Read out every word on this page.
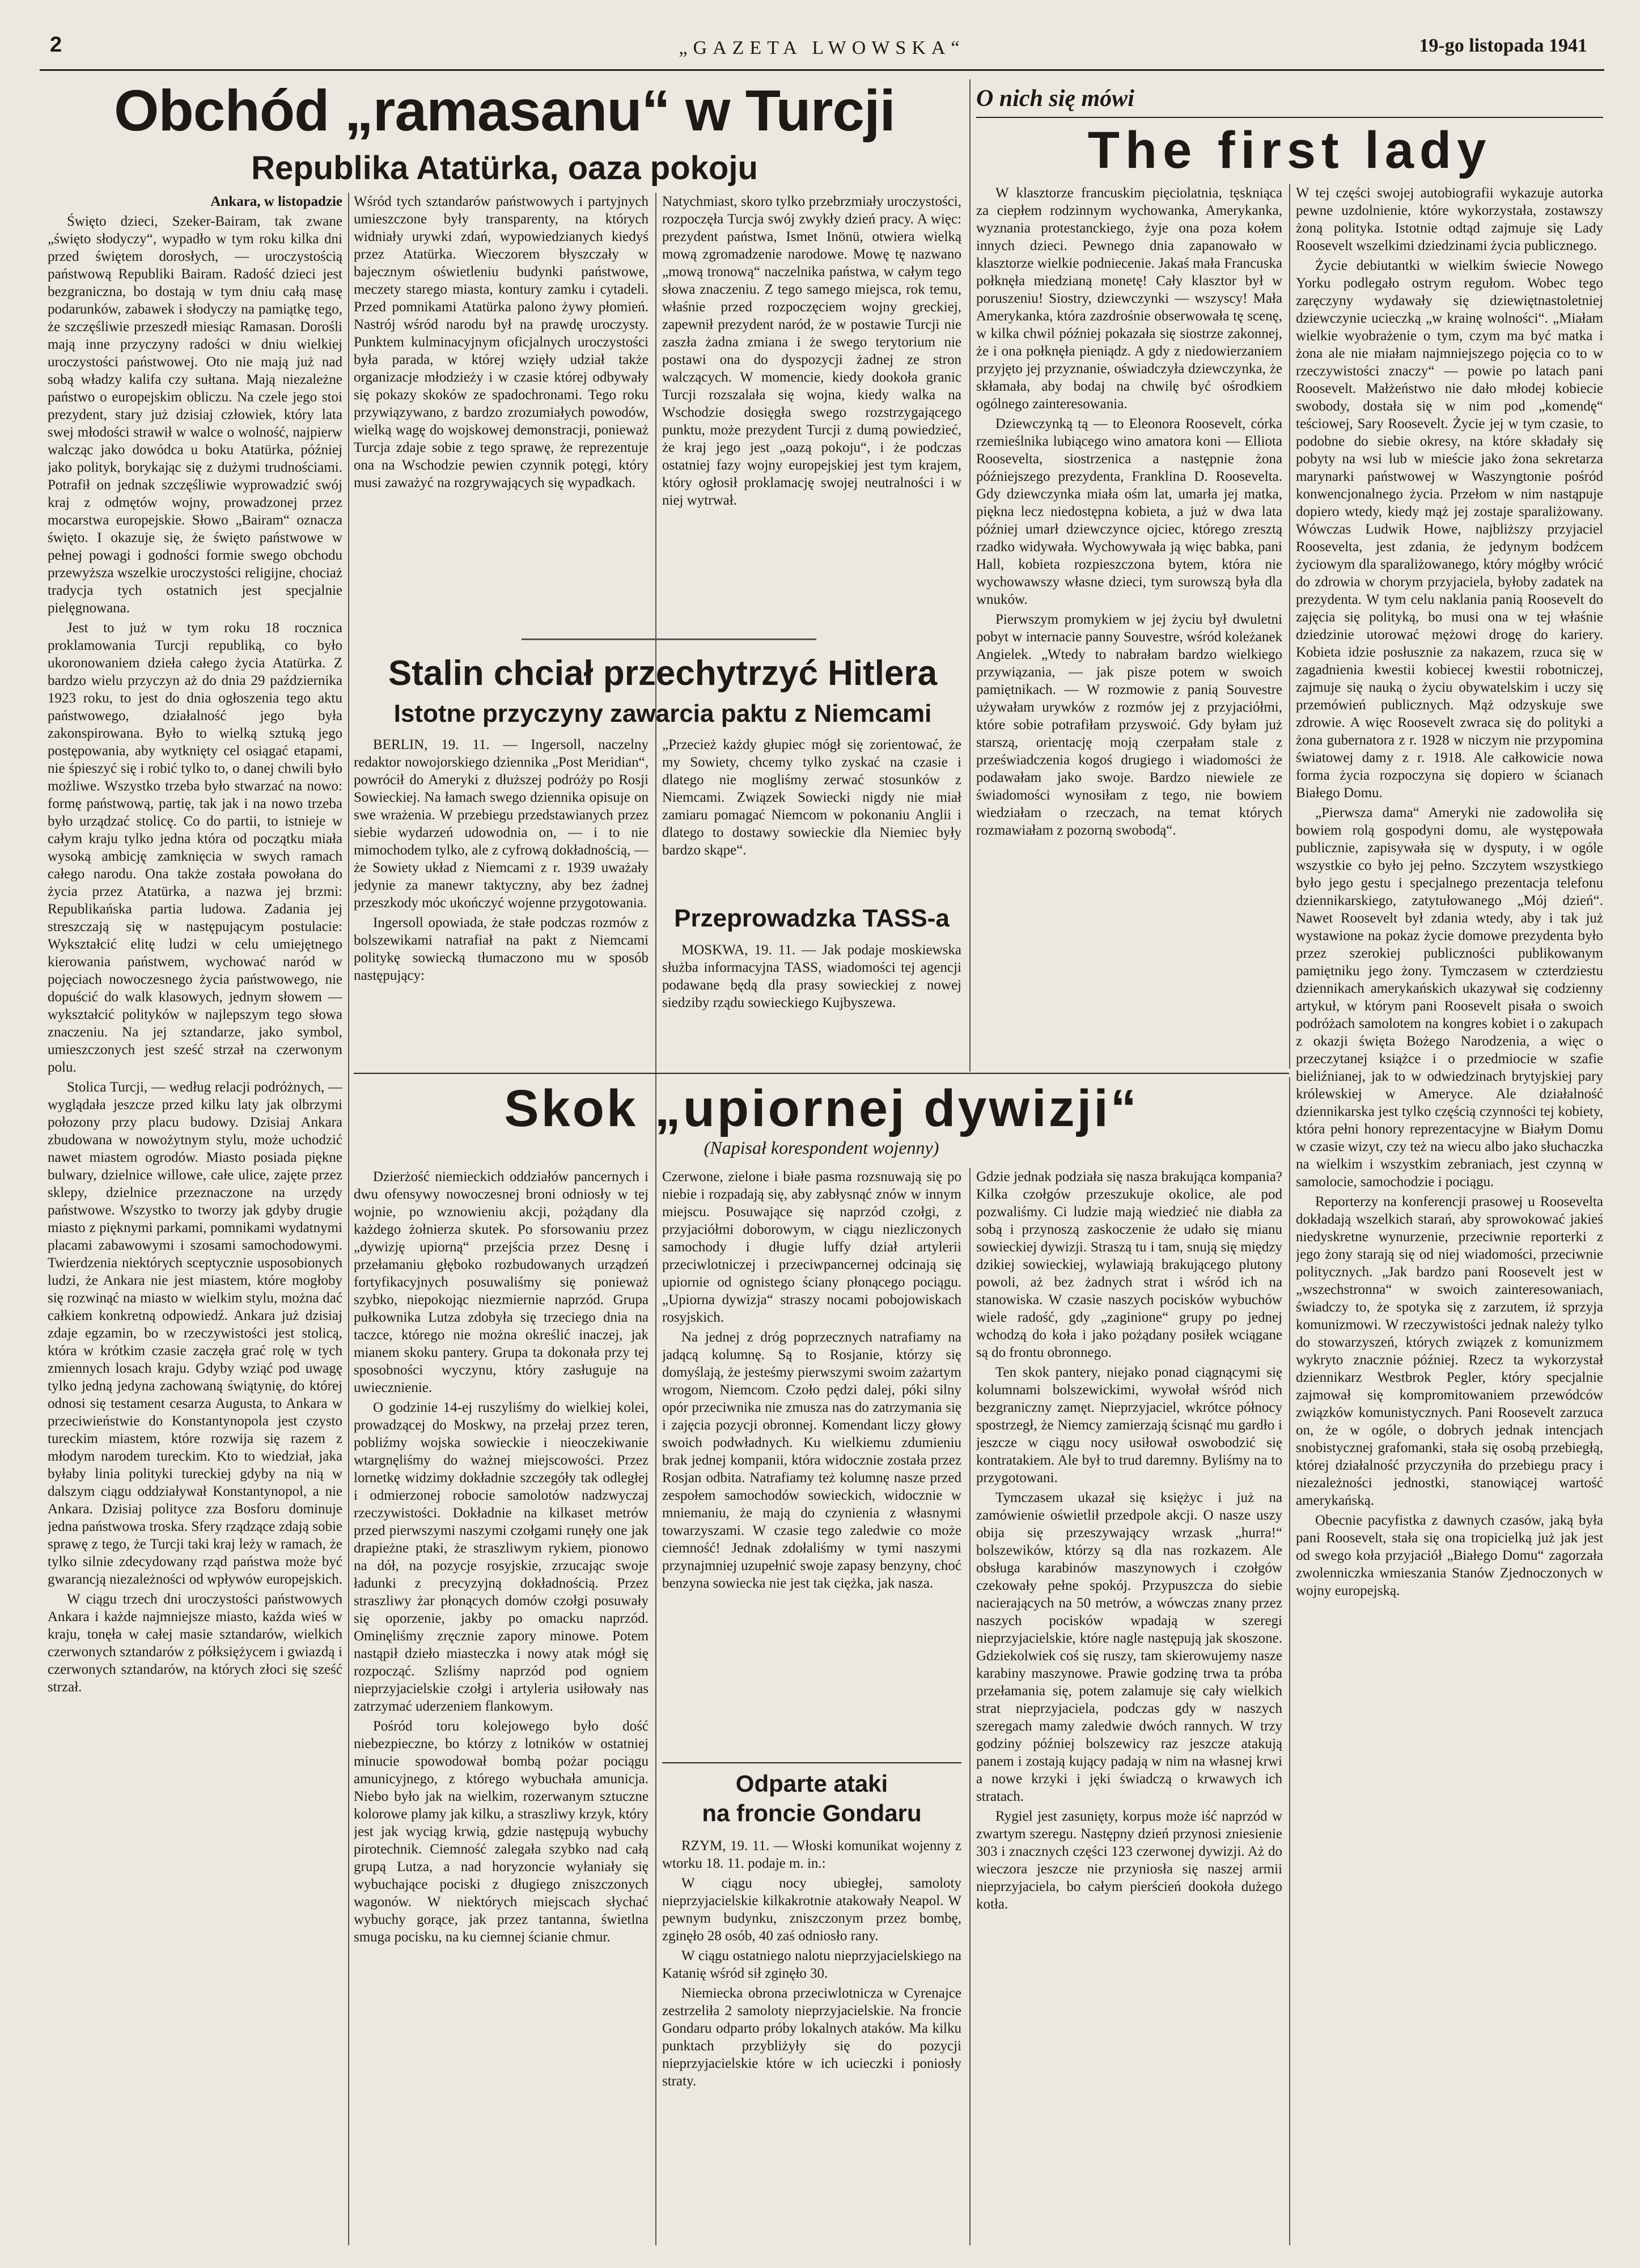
2	„GAZETA LWOWSKA“	19-go listopada 1941
Obchód „ramasanu“ w Turcji
Republika Atatürka, oaza pokoju

Ankara, w listopadzie

Święto dzieci, Szeker-Bairam, tak zwane „święto słodyczy“, wypadło w tym roku kilka dni przed świętem dorosłych, — uroczystością państwową Republiki Bairam. Radość dzieci jest bezgraniczna, bo dostają w tym dniu całą masę podarunków, zabawek i słodyczy na pamiątkę tego, że szczęśliwie przeszedł miesiąc Ramasan. Dorośli mają inne przyczyny radości w dniu wielkiej uroczystości państwowej. Oto nie mają już nad sobą władzy kalifa czy sułtana. Mają niezależne państwo o europejskim obliczu. Na czele jego stoi prezydent, stary już dzisiaj człowiek, który lata swej młodości strawił w walce o wolność, najpierw walcząc jako dowódca u boku Atatürka, później jako polityk, borykając się z dużymi trudnościami. Potrafił on jednak szczęśliwie wyprowadzić swój kraj z odmętów wojny, prowadzonej przez mocarstwa europejskie. Słowo „Bairam“ oznacza święto. I okazuje się, że święto państwowe w pełnej powagi i godności formie swego obchodu przewyższa wszelkie uroczystości religijne, chociaż tradycja tych ostatnich jest specjalnie pielęgnowana.

Jest to już w tym roku 18 rocznica proklamowania Turcji republiką, co było ukoronowaniem dzieła całego życia Atatürka. Z bardzo wielu przyczyn aż do dnia 29 października 1923 roku, to jest do dnia ogłoszenia tego aktu państwowego, działalność jego była zakonspirowana. Było to wielką sztuką jego postępowania, aby wytknięty cel osiągać etapami, nie śpieszyć się i robić tylko to, o danej chwili było możliwe. Wszystko trzeba było stwarzać na nowo: formę państwową, partię, tak jak i na nowo trzeba było urządzać stolicę. Co do partii, to istnieje w całym kraju tylko jedna która od początku miała wysoką ambicję zamknięcia w swych ramach całego narodu. Ona także została powołana do życia przez Atatürka, a nazwa jej brzmi: Republikańska partia ludowa. Zadania jej streszczają się w następującym postulacie: Wykształcić elitę ludzi w celu umiejętnego kierowania państwem, wychować naród w pojęciach nowoczesnego życia państwowego, nie dopuścić do walk klasowych, jednym słowem — wykształcić polityków w najlepszym tego słowa znaczeniu. Na jej sztandarze, jako symbol, umieszczonych jest sześć strzał na czerwonym polu.

Stolica Turcji, — według relacji podróżnych, — wyglądała jeszcze przed kilku laty jak olbrzymi połozony przy placu budowy. Dzisiaj Ankara zbudowana w nowożytnym stylu, może uchodzić nawet miastem ogrodów. Miasto posiada piękne bulwary, dzielnice willowe, całe ulice, zajęte przez sklepy, dzielnice przeznaczone na urzędy państwowe. Wszystko to tworzy jak gdyby drugie miasto z pięknymi parkami, pomnikami wydatnymi placami zabawowymi i szosami samochodowymi. Twierdzenia niektórych sceptycznie usposobionych ludzi, że Ankara nie jest miastem, które mogłoby się rozwinąć na miasto w wielkim stylu, można dać całkiem konkretną odpowiedź. Ankara już dzisiaj zdaje egzamin, bo w rzeczywistości jest stolicą, która w krótkim czasie zaczęła grać rolę w tych zmiennych losach kraju. Gdyby wziąć pod uwagę tylko jedną jedyna zachowaną świątynię, do której odnosi się testament cesarza Augusta, to Ankara w przeciwieństwie do Konstantynopola jest czysto tureckim miastem, które rozwija się razem z młodym narodem tureckim. Kto to wiedział, jaka byłaby linia polityki tureckiej gdyby na nią w dalszym ciągu oddziaływał Konstantynopol, a nie Ankara. Dzisiaj polityce zza Bosforu dominuje jedna państwowa troska. Sfery rządzące zdają sobie sprawę z tego, że Turcji taki kraj leży w ramach, że tylko silnie zdecydowany rząd państwa może być gwarancją niezależności od wpływów europejskich.

W ciągu trzech dni uroczystości państwowych Ankara i każde najmniejsze miasto, każda wieś w kraju, tonęła w całej masie sztandarów, wielkich czerwonych sztandarów z półksiężycem i gwiazdą i czerwonych sztandarów, na których złoci się sześć strzał.

Wśród tych sztandarów państwowych i partyjnych umieszczone były transparenty, na których widniały urywki zdań, wypowiedzianych kiedyś przez Atatürka. Wieczorem błyszczały w bajecznym oświetleniu budynki państwowe, meczety starego miasta, kontury zamku i cytadeli. Przed pomnikami Atatürka palono żywy płomień. Nastrój wśród narodu był na prawdę uroczysty. Punktem kulminacyjnym oficjalnych uroczystości była parada, w której wzięły udział także organizacje młodzieży i w czasie której odbywały się pokazy skoków ze spadochronami. Tego roku przywiązywano, z bardzo zrozumiałych powodów, wielką wagę do wojskowej demonstracji, ponieważ Turcja zdaje sobie z tego sprawę, że reprezentuje ona na Wschodzie pewien czynnik potęgi, który musi zaważyć na rozgrywających się wypadkach.

Natychmiast, skoro tylko przebrzmiały uroczystości, rozpoczęła Turcja swój zwykły dzień pracy. A więc: prezydent państwa, Ismet Inönü, otwiera wielką mową zgromadzenie narodowe. Mowę tę nazwano „mową tronową“ naczelnika państwa, w całym tego słowa znaczeniu. Z tego samego miejsca, rok temu, właśnie przed rozpoczęciem wojny greckiej, zapewnił prezydent naród, że w postawie Turcji nie zaszła żadna zmiana i że swego terytorium nie postawi ona do dyspozycji żadnej ze stron walczących. W momencie, kiedy dookoła granic Turcji rozszalała się wojna, kiedy walka na Wschodzie dosięgła swego rozstrzygającego punktu, może prezydent Turcji z dumą powiedzieć, że kraj jego jest „oazą pokoju“, i że podczas ostatniej fazy wojny europejskiej jest tym krajem, który ogłosił proklamację swojej neutralności i w niej wytrwał.

Stalin chciał przechytrzyć Hitlera
Istotne przyczyny zawarcia paktu z Niemcami

BERLIN, 19. 11. — Ingersoll, naczelny redaktor nowojorskiego dziennika „Post Meridian“, powrócił do Ameryki z dłuższej podróży po Rosji Sowieckiej. Na łamach swego dziennika opisuje on swe wrażenia. W przebiegu przedstawianych przez siebie wydarzeń udowodnia on, — i to nie mimochodem tylko, ale z cyfrową dokładnością, — że Sowiety układ z Niemcami z r. 1939 uważały jedynie za manewr taktyczny, aby bez żadnej przeszkody móc ukończyć wojenne przygotowania.

Ingersoll opowiada, że stałe podczas rozmów z bolszewikami natrafiał na pakt z Niemcami politykę sowiecką tłumaczono mu w sposób następujący:

„Przecież każdy głupiec mógł się zorientować, że my Sowiety, chcemy tylko zyskać na czasie i dlatego nie mogliśmy zerwać stosunków z Niemcami. Związek Sowiecki nigdy nie miał zamiaru pomagać Niemcom w pokonaniu Anglii i dlatego to dostawy sowieckie dla Niemiec były bardzo skąpe“.

Przeprowadzka TASS-a

MOSKWA, 19. 11. — Jak podaje moskiewska służba informacyjna TASS, wiadomości tej agencji podawane będą dla prasy sowieckiej z nowej siedziby rządu sowieckiego Kujbyszewa.

O nich się mówi
The first lady

W klasztorze francuskim pięciolatnia, tęskniąca za ciepłem rodzinnym wychowanka, Amerykanka, wyznania protestanckiego, żyje ona poza kołem innych dzieci. Pewnego dnia zapanowało w klasztorze wielkie podniecenie. Jakaś mała Francuska połknęła miedzianą monetę! Cały klasztor był w poruszeniu! Siostry, dziewczynki — wszyscy! Mała Amerykanka, która zazdrośnie obserwowała tę scenę, w kilka chwil później pokazała się siostrze zakonnej, że i ona połknęła pieniądz. A gdy z niedowierzaniem przyjęto jej przyznanie, oświadczyła dziewczynka, że skłamała, aby bodaj na chwilę być ośrodkiem ogólnego zainteresowania.

Dziewczynką tą — to Eleonora Roosevelt, córka rzemieślnika lubiącego wino amatora koni — Elliota Roosevelta, siostrzenica a następnie żona późniejszego prezydenta, Franklina D. Roosevelta. Gdy dziewczynka miała ośm lat, umarła jej matka, piękna lecz niedostępna kobieta, a już w dwa lata później umarł dziewczynce ojciec, którego zresztą rzadko widywała. Wychowywała ją więc babka, pani Hall, kobieta rozpieszczona bytem, która nie wychowawszy własne dzieci, tym surowszą była dla wnuków.

Pierwszym promykiem w jej życiu był dwuletni pobyt w internacie panny Souvestre, wśród koleżanek Angielek. „Wtedy to nabrałam bardzo wielkiego przywiązania, — jak pisze potem w swoich pamiętnikach. — W rozmowie z panią Souvestre używałam urywków z rozmów jej z przyjaciółmi, które sobie potrafiłam przyswoić. Gdy byłam już starszą, orientację moją czerpałam stale z przeświadczenia kogoś drugiego i wiadomości że podawałam jako swoje. Bardzo niewiele ze świadomości wynosiłam z tego, nie bowiem wiedziałam o rzeczach, na temat których rozmawiałam z pozorną swobodą“.

W tej części swojej autobiografii wykazuje autorka pewne uzdolnienie, które wykorzystała, zostawszy żoną polityka. Istotnie odtąd zajmuje się Lady Roosevelt wszelkimi dziedzinami życia publicznego.

Życie debiutantki w wielkim świecie Nowego Yorku podlegało ostrym regułom. Wobec tego zaręczyny wydawały się dziewiętnastoletniej dziewczynie ucieczką „w krainę wolności“. „Miałam wielkie wyobrażenie o tym, czym ma być matka i żona ale nie miałam najmniejszego pojęcia co to w rzeczywistości znaczy“ — powie po latach pani Roosevelt. Małżeństwo nie dało młodej kobiecie swobody, dostała się w nim pod „komendę“ teściowej, Sary Roosevelt. Życie jej w tym czasie, to podobne do siebie okresy, na które składały się pobyty na wsi lub w mieście jako żona sekretarza marynarki państwowej w Waszyngtonie pośród konwencjonalnego życia. Przełom w nim nastąpuje dopiero wtedy, kiedy mąż jej zostaje sparaliżowany. Wówczas Ludwik Howe, najbliższy przyjaciel Roosevelta, jest zdania, że jedynym bodźcem życiowym dla sparaliżowanego, który mógłby wrócić do zdrowia w chorym przyjaciela, byłoby zadatek na prezydenta. W tym celu naklania panią Roosevelt do zajęcia się polityką, bo musi ona w tej właśnie dziedzinie utorować mężowi drogę do kariery. Kobieta idzie posłusznie za nakazem, rzuca się w zagadnienia kwestii kobiecej kwestii robotniczej, zajmuje się nauką o życiu obywatelskim i uczy się przemówień publicznych. Mąż odzyskuje swe zdrowie. A więc Roosevelt zwraca się do polityki a żona gubernatora z r. 1928 w niczym nie przypomina światowej damy z r. 1918. Ale całkowicie nowa forma życia rozpoczyna się dopiero w ścianach Białego Domu.

„Pierwsza dama“ Ameryki nie zadowoliła się bowiem rolą gospodyni domu, ale występowała publicznie, zapisywała się w dysputy, i w ogóle wszystkie co było jej pełno. Szczytem wszystkiego było jego gestu i specjalnego prezentacja telefonu dziennikarskiego, zatytułowanego „Mój dzień“. Nawet Roosevelt był zdania wtedy, aby i tak już wystawione na pokaz życie domowe prezydenta było przez szerokiej publiczności publikowanym pamiętniku jego żony. Tymczasem w czterdziestu dziennikach amerykańskich ukazywał się codzienny artykuł, w którym pani Roosevelt pisała o swoich podróżach samolotem na kongres kobiet i o zakupach z okazji święta Bożego Narodzenia, a więc o przeczytanej książce i o przedmiocie w szafie bieliźnianej, jak to w odwiedzinach brytyjskiej pary królewskiej w Ameryce. Ale działalność dziennikarska jest tylko częścią czynności tej kobiety, która pełni honory reprezentacyjne w Białym Domu w czasie wizyt, czy też na wiecu albo jako słuchaczka na wielkim i wszystkim zebraniach, jest czynną w samolocie, samochodzie i pociągu.

Reporterzy na konferencji prasowej u Roosevelta dokładają wszelkich starań, aby sprowokować jakieś niedyskretne wynurzenie, przeciwnie reporterki z jego żony starają się od niej wiadomości, przeciwnie politycznych. „Jak bardzo pani Roosevelt jest w „wszechstronna“ w swoich zainteresowaniach, świadczy to, że spotyka się z zarzutem, iż sprzyja komunizmowi. W rzeczywistości jednak należy tylko do stowarzyszeń, których związek z komunizmem wykryto znacznie później. Rzecz ta wykorzystał dziennikarz Westbrok Pegler, który specjalnie zajmował się kompromitowaniem przewódców związków komunistycznych. Pani Roosevelt zarzuca on, że w ogóle, o dobrych jednak intencjach snobistycznej grafomanki, stała się osobą przebiegłą, której działalność przyczyniła do przebiegu pracy i niezależności jednostki, stanowiącej wartość amerykańską.

Obecnie pacyfistka z dawnych czasów, jaką była pani Roosevelt, stała się ona tropicielką już jak jest od swego koła przyjaciół „Białego Domu“ zagorzała zwolenniczka wmieszania Stanów Zjednoczonych w wojny europejską.

Skok „upiornej dywizji“
(Napisał korespondent wojenny)

Dzierżość niemieckich oddziałów pancernych i dwu ofensywy nowoczesnej broni odniosły w tej wojnie, po wznowieniu akcji, pożądany dla każdego żołnierza skutek. Po sforsowaniu przez „dywizję upiorną“ przejścia przez Desnę i przełamaniu głęboko rozbudowanych urządzeń fortyfikacyjnych posuwaliśmy się ponieważ szybko, niepokojąc niezmiernie naprzód. Grupa pułkownika Lutza zdobyła się trzeciego dnia na taczce, którego nie można określić inaczej, jak mianem skoku pantery. Grupa ta dokonała przy tej sposobności wyczynu, który zasługuje na uwiecznienie.

O godzinie 14-ej ruszyliśmy do wielkiej kolei, prowadzącej do Moskwy, na przełaj przez teren, pobliźmy wojska sowieckie i nieoczekiwanie wtargnęliśmy do ważnej miejscowości. Przez lornetkę widzimy dokładnie szczegóły tak odległej i odmierzonej robocie samolotów nadzwyczaj rzeczywistości. Dokładnie na kilkaset metrów przed pierwszymi naszymi czołgami runęły one jak drapieżne ptaki, że straszliwym rykiem, pionowo na dół, na pozycje rosyjskie, zrzucając swoje ładunki z precyzyjną dokładnością. Przez straszliwy żar płonących domów czołgi posuwały się oporzenie, jakby po omacku naprzód. Ominęliśmy zręcznie zapory minowe. Potem nastąpił dzieło miasteczka i nowy atak mógł się rozpocząć. Szliśmy naprzód pod ogniem nieprzyjacielskie czołgi i artyleria usiłowały nas zatrzymać uderzeniem flankowym.

Pośród toru kolejowego było dość niebezpieczne, bo którzy z lotników w ostatniej minucie spowodował bombą pożar pociągu amunicyjnego, z którego wybuchała amunicja. Niebo było jak na wielkim, rozerwanym sztuczne kolorowe plamy jak kilku, a straszliwy krzyk, który jest jak wyciąg krwią, gdzie następują wybuchy pirotechnik. Ciemność zalegała szybko nad całą grupą Lutza, a nad horyzoncie wyłaniały się wybuchające pociski z długiego zniszczonych wagonów. W niektórych miejscach słychać wybuchy gorące, jak przez tantanna, świetlna smuga pocisku, na ku ciemnej ścianie chmur.

Czerwone, zielone i białe pasma rozsnuwają się po niebie i rozpadają się, aby zabłysnąć znów w innym miejscu. Posuwające się naprzód czołgi, z przyjaciółmi doborowym, w ciągu niezliczonych samochody i długie luffy dział artylerii przeciwlotniczej i przeciwpancernej odcinają się upiornie od ognistego ściany płonącego pociągu. „Upiorna dywizja“ straszy nocami pobojowiskach rosyjskich.

Na jednej z dróg poprzecznych natrafiamy na jadącą kolumnę. Są to Rosjanie, którzy się domyślają, że jesteśmy pierwszymi swoim zażartym wrogom, Niemcom. Czoło pędzi dalej, póki silny opór przeciwnika nie zmusza nas do zatrzymania się i zajęcia pozycji obronnej. Komendant liczy głowy swoich podwładnych. Ku wielkiemu zdumieniu brak jednej kompanii, która widocznie została przez Rosjan odbita. Natrafiamy też kolumnę nasze przed zespołem samochodów sowieckich, widocznie w mniemaniu, że mają do czynienia z własnymi towarzyszami. W czasie tego zaledwie co może ciemność! Jednak zdołaliśmy w tymi naszymi przynajmniej uzupełnić swoje zapasy benzyny, choć benzyna sowiecka nie jest tak ciężka, jak nasza.

Gdzie jednak podziała się nasza brakująca kompania? Kilka czołgów przeszukuje okolice, ale pod pozwaliśmy. Ci ludzie mają wiedzieć nie diabła za sobą i przynoszą zaskoczenie że udało się mianu sowieckiej dywizji. Straszą tu i tam, snują się między dzikiej sowieckiej, wylawiają brakującego plutony powoli, aż bez żadnych strat i wśród ich na stanowiska. W czasie naszych pocisków wybuchów wiele radość, gdy „zaginione“ grupy po jednej wchodzą do koła i jako pożądany posiłek wciągane są do frontu obronnego.

Ten skok pantery, niejako ponad ciągnącymi się kolumnami bolszewickimi, wywołał wśród nich bezgraniczny zamęt. Nieprzyjaciel, wkrótce północy spostrzegł, że Niemcy zamierzają ścisnąć mu gardło i jeszcze w ciągu nocy usiłował oswobodzić się kontratakiem. Ale był to trud daremny. Byliśmy na to przygotowani.

Tymczasem ukazał się księżyc i już na zamówienie oświetlił przedpole akcji. O nasze uszy obija się przeszywający wrzask „hurra!“ bolszewików, którzy są dla nas rozkazem. Ale obsługa karabinów maszynowych i czołgów czekowały pełne spokój. Przypuszcza do siebie nacierających na 50 metrów, a wówczas znany przez naszych pocisków wpadają w szeregi nieprzyjacielskie, które nagle następują jak skoszone. Gdziekolwiek coś się ruszy, tam skierowujemy nasze karabiny maszynowe. Prawie godzinę trwa ta próba przełamania się, potem zalamuje się cały wielkich strat nieprzyjaciela, podczas gdy w naszych szeregach mamy zaledwie dwóch rannych. W trzy godziny później bolszewicy raz jeszcze atakują panem i zostają kujący padają w nim na własnej krwi a nowe krzyki i jęki świadczą o krwawych ich stratach.

Rygiel jest zasunięty, korpus może iść naprzód w zwartym szeregu. Następny dzień przynosi zniesienie 303 i znacznych części 123 czerwonej dywizji. Aż do wieczora jeszcze nie przyniosła się naszej armii nieprzyjaciela, bo całym pierścień dookoła dużego kotła.

Odparte ataki
na froncie Gondaru

RZYM, 19. 11. — Włoski komunikat wojenny z wtorku 18. 11. podaje m. in.:

W ciągu nocy ubiegłej, samoloty nieprzyjacielskie kilkakrotnie atakowały Neapol. W pewnym budynku, zniszczonym przez bombę, zginęło 28 osób, 40 zaś odniosło rany.

W ciągu ostatniego nalotu nieprzyjacielskiego na Katanię wśród sił zginęło 30.

Niemiecka obrona przeciwlotnicza w Cyrenajce zestrzeliła 2 samoloty nieprzyjacielskie. Na froncie Gondaru odparto próby lokalnych ataków. Ma kilku punktach przybliżyły się do pozycji nieprzyjacielskie które w ich ucieczki i poniosły straty.
